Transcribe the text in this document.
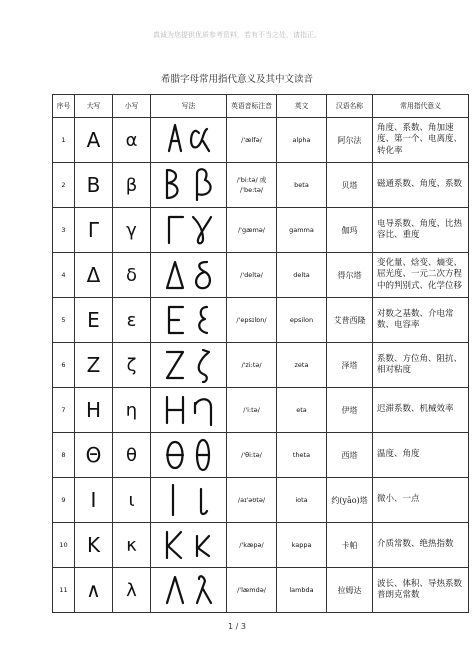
真诚为您提供优质参考资料，若有不当之处，请指正。
希腊字母常用指代意义及其中文读音
序号	大写	小写	写法	英语音标注音	英文	汉语名称	常用指代意义
1	Α	α		/'ælfə/	alpha	阿尔法	角度、系数、角加速度、第一个、电离度、转化率
2	Β	β		/'bi:tə/ 或 /'be:tə/	beta	贝塔	磁通系数、角度、系数
3	Γ	γ		/'gæmə/	gamma	伽玛	电导系数、角度、比热容比、重度
4	Δ	δ		/'deltə/	delta	得尔塔	变化量、焓变、熵变、屈光度、一元二次方程中的判别式、化学位移
5	Ε	ε		/'epsɪlɒn/	epsilon	艾普西隆	对数之基数、介电常数、电容率
6	Ζ	ζ		/'zi:tə/	zeta	泽塔	系数、方位角、阻抗、相对粘度
7	Η	η		/'i:tə/	eta	伊塔	迟滞系数、机械效率
8	Θ	θ		/'θi:tə/	theta	西塔	温度、角度
9	Ι	ι		/aɪ'əʊtə/	iota	约(yāo)塔	微小、一点
10	Κ	κ		/'kæpə/	kappa	卡帕	介质常数、绝热指数
11	∧	λ		/'læmdə/	lambda	拉姆达	波长、体积、导热系数 普朗克常数
1 / 3
